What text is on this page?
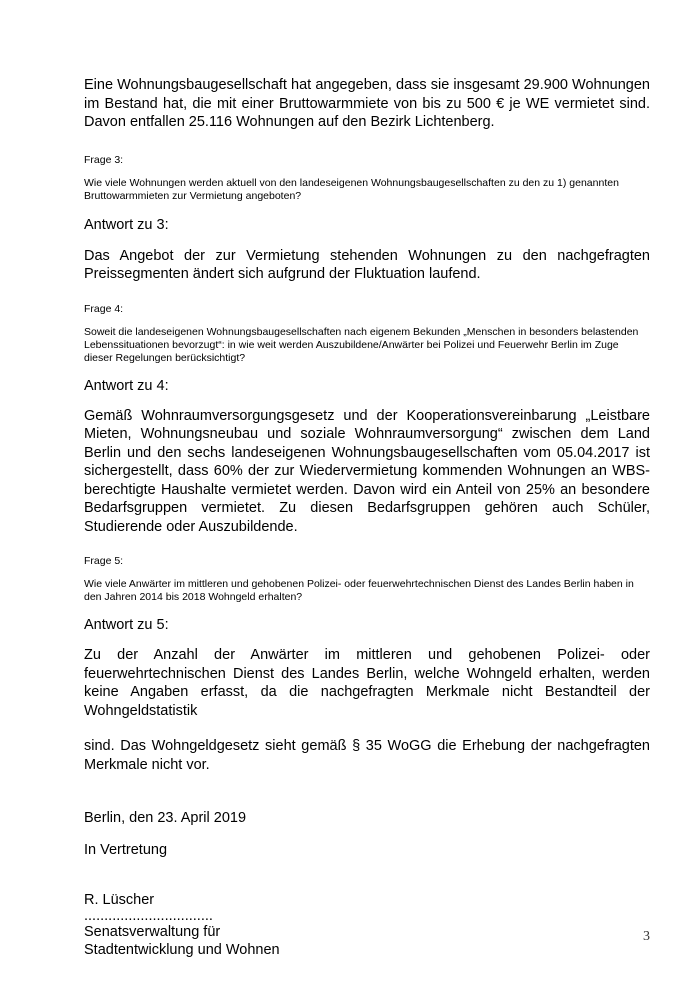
Eine Wohnungsbaugesellschaft hat angegeben, dass sie insgesamt 29.900 Wohnungen im Bestand hat, die mit einer Bruttowarmmiete von bis zu 500 € je WE vermietet sind. Davon entfallen 25.116 Wohnungen auf den Bezirk Lichtenberg.

Frage 3:

Wie viele Wohnungen werden aktuell von den landeseigenen Wohnungsbaugesellschaften zu den zu 1) genannten Bruttowarmmieten zur Vermietung angeboten?

Antwort zu 3:

Das Angebot der zur Vermietung stehenden Wohnungen zu den nachgefragten Preissegmenten ändert sich aufgrund der Fluktuation laufend.

Frage 4:

Soweit die landeseigenen Wohnungsbaugesellschaften nach eigenem Bekunden „Menschen in besonders belastenden Lebenssituationen bevorzugt“: in wie weit werden Auszubildene/Anwärter bei Polizei und Feuerwehr Berlin im Zuge dieser Regelungen berücksichtigt?

Antwort zu 4:

Gemäß Wohnraumversorgungsgesetz und der Kooperationsvereinbarung „Leistbare Mieten, Wohnungsneubau und soziale Wohnraumversorgung“ zwischen dem Land Berlin und den sechs landeseigenen Wohnungsbaugesellschaften vom 05.04.2017 ist sichergestellt, dass 60% der zur Wiedervermietung kommenden Wohnungen an WBS-berechtigte Haushalte vermietet werden. Davon wird ein Anteil von 25% an besondere Bedarfsgruppen vermietet. Zu diesen Bedarfsgruppen gehören auch Schüler, Studierende oder Auszubildende.

Frage 5:

Wie viele Anwärter im mittleren und gehobenen Polizei- oder feuerwehrtechnischen Dienst des Landes Berlin haben in den Jahren 2014 bis 2018 Wohngeld erhalten?

Antwort zu 5:

Zu der Anzahl der Anwärter im mittleren und gehobenen Polizei- oder feuerwehrtechnischen Dienst des Landes Berlin, welche Wohngeld erhalten, werden keine Angaben erfasst, da die nachgefragten Merkmale nicht Bestandteil der Wohngeldstatistik

sind. Das Wohngeldgesetz sieht gemäß § 35 WoGG die Erhebung der nachgefragten Merkmale nicht vor.

Berlin, den 23. April 2019

In Vertretung

R. Lüscher

................................

Senatsverwaltung für

Stadtentwicklung und Wohnen

3
